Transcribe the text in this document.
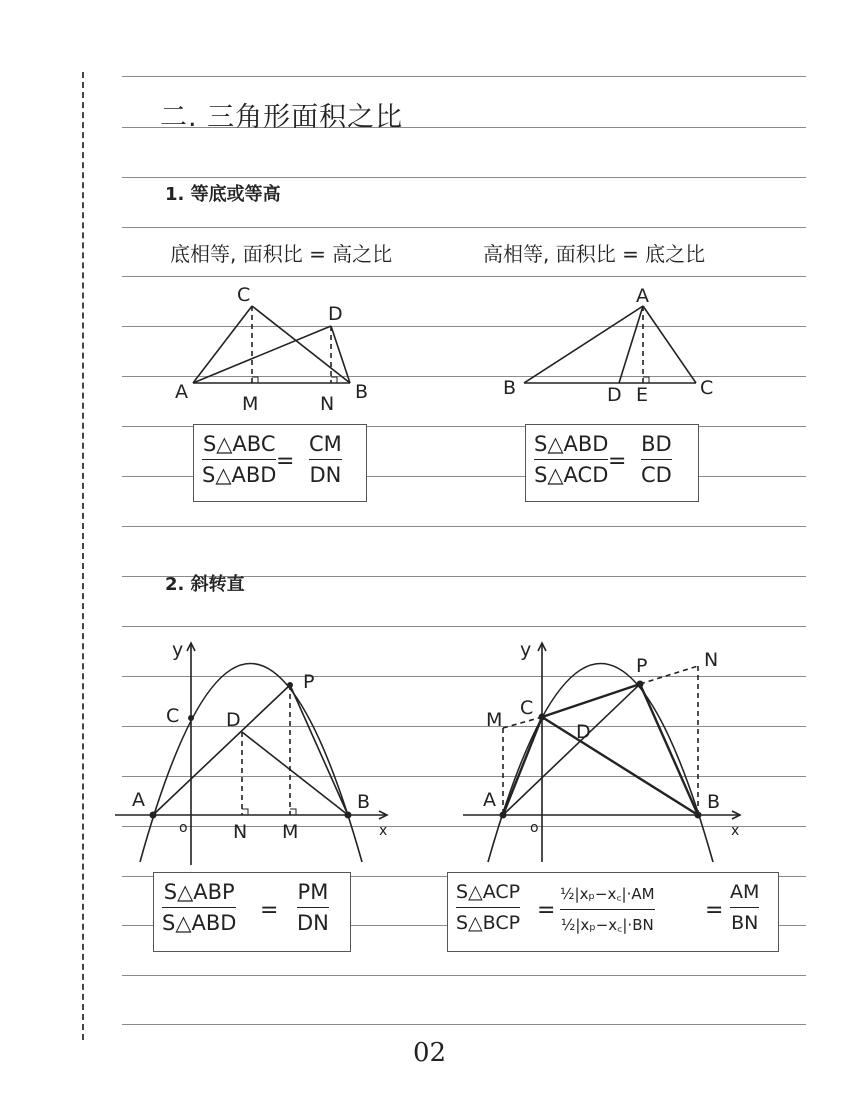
二. 三角形面积之比
1. 等底或等高
底相等, 面积比 = 高之比	高相等, 面积比 = 底之比
2. 斜转直
C
D
A
M	N
B
A
B	D E	C
S△ABC
S△ABD
=
CM
DN
S△ABD
S△ACD
=
BD
CD
y
C D
P
A	B
o N M	x
y
P	N
M
C
D
A	B
o	x
S△ABP
S△ABD =
PM
DN
S△ACP
S△BCP =
½|xₚ−x꜀|·AM
½|xₚ−x꜀|·BN
=
AM
BN
02
